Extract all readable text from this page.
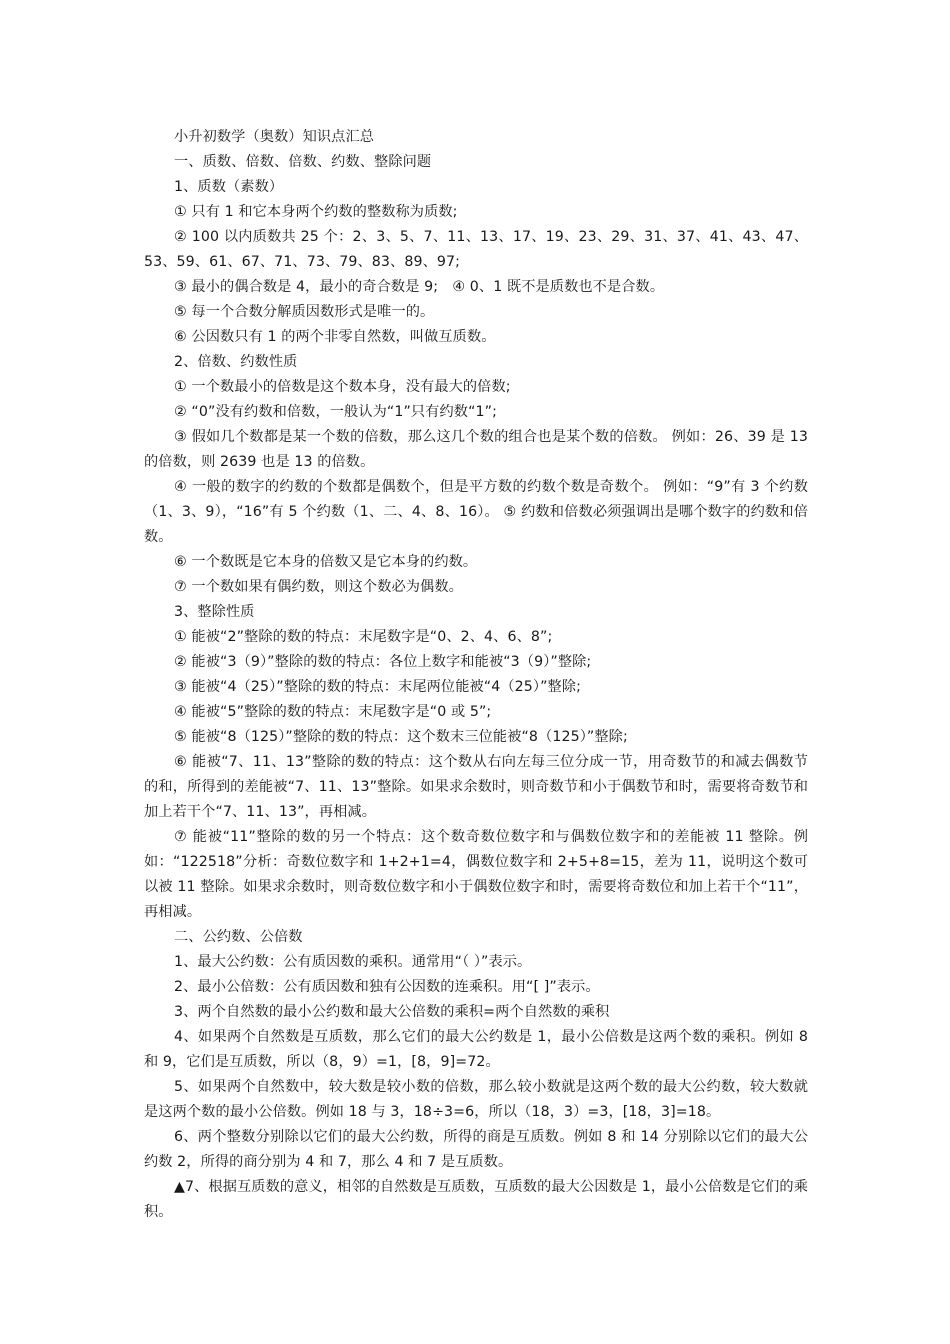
小升初数学（奥数）知识点汇总

一、质数、倍数、倍数、约数、整除问题

1、质数（素数）

① 只有 1 和它本身两个约数的整数称为质数;

② 100 以内质数共 25 个：2、3、5、7、11、13、17、19、23、29、31、37、41、43、47、53、59、61、67、71、73、79、83、89、97;

③ 最小的偶合数是 4，最小的奇合数是 9;　④ 0、1 既不是质数也不是合数。

⑤ 每一个合数分解质因数形式是唯一的。

⑥ 公因数只有 1 的两个非零自然数，叫做互质数。

2、倍数、约数性质

① 一个数最小的倍数是这个数本身，没有最大的倍数;

② “0”没有约数和倍数，一般认为“1”只有约数“1”;

③ 假如几个数都是某一个数的倍数，那么这几个数的组合也是某个数的倍数。 例如：26、39 是 13 的倍数，则 2639 也是 13 的倍数。

④ 一般的数字的约数的个数都是偶数个，但是平方数的约数个数是奇数个。 例如：“9”有 3 个约数（1、3、9），“16”有 5 个约数（1、二、4、8、16）。 ⑤ 约数和倍数必须强调出是哪个数字的约数和倍数。

⑥ 一个数既是它本身的倍数又是它本身的约数。

⑦ 一个数如果有偶约数，则这个数必为偶数。

3、整除性质

① 能被“2”整除的数的特点：末尾数字是“0、2、4、6、8”;

② 能被“3（9）”整除的数的特点：各位上数字和能被“3（9）”整除;

③ 能被“4（25）”整除的数的特点：末尾两位能被“4（25）”整除;

④ 能被“5”整除的数的特点：末尾数字是“0 或 5”;

⑤ 能被“8（125）”整除的数的特点：这个数末三位能被“8（125）”整除;

⑥ 能被“7、11、13”整除的数的特点：这个数从右向左每三位分成一节，用奇数节的和减去偶数节的和，所得到的差能被“7、11、13”整除。如果求余数时，则奇数节和小于偶数节和时，需要将奇数节和加上若干个“7、11、13”，再相减。

⑦ 能被“11”整除的数的另一个特点：这个数奇数位数字和与偶数位数字和的差能被 11 整除。例如：“122518”分析：奇数位数字和 1+2+1=4，偶数位数字和 2+5+8=15，差为 11，说明这个数可以被 11 整除。如果求余数时，则奇数位数字和小于偶数位数字和时，需要将奇数位和加上若干个“11”，再相减。

二、公约数、公倍数

1、最大公约数：公有质因数的乘积。通常用“（ ）”表示。

2、最小公倍数：公有质因数和独有公因数的连乘积。用“[ ]”表示。

3、两个自然数的最小公约数和最大公倍数的乘积=两个自然数的乘积

4、如果两个自然数是互质数，那么它们的最大公约数是 1，最小公倍数是这两个数的乘积。例如 8 和 9，它们是互质数，所以（8，9）=1，[8，9]=72。

5、如果两个自然数中，较大数是较小数的倍数，那么较小数就是这两个数的最大公约数，较大数就是这两个数的最小公倍数。例如 18 与 3，18÷3=6，所以（18，3）=3，[18，3]=18。

6、两个整数分别除以它们的最大公约数，所得的商是互质数。例如 8 和 14 分别除以它们的最大公约数 2，所得的商分别为 4 和 7，那么 4 和 7 是互质数。

▲7、根据互质数的意义，相邻的自然数是互质数，互质数的最大公因数是 1，最小公倍数是它们的乘积。
